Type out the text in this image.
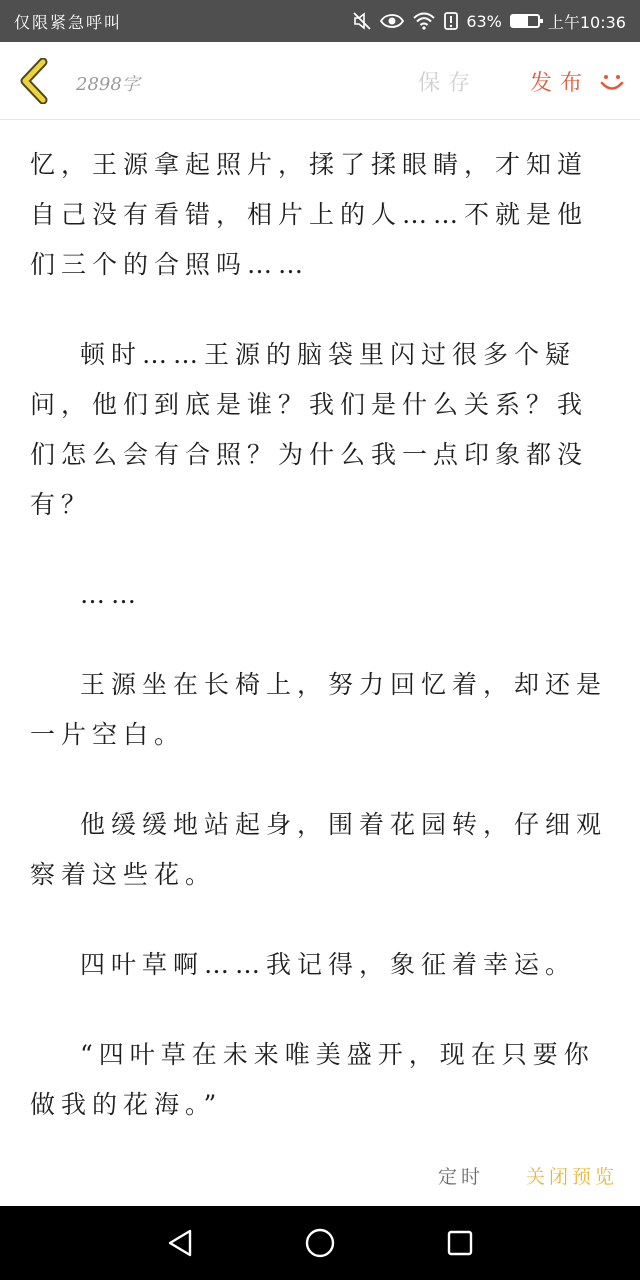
仅限紧急呼叫	63%	上午10:36
2898字	保存 发布

忆，王源拿起照片，揉了揉眼睛，才知道自己没有看错，相片上的人……不就是他们三个的合照吗……

顿时……王源的脑袋里闪过很多个疑问，他们到底是谁？我们是什么关系？我们怎么会有合照？为什么我一点印象都没有？

……

王源坐在长椅上，努力回忆着，却还是一片空白。

他缓缓地站起身，围着花园转，仔细观察着这些花。

四叶草啊……我记得，象征着幸运。

“四叶草在未来唯美盛开，现在只要你做我的花海。”

定时 关闭预览
